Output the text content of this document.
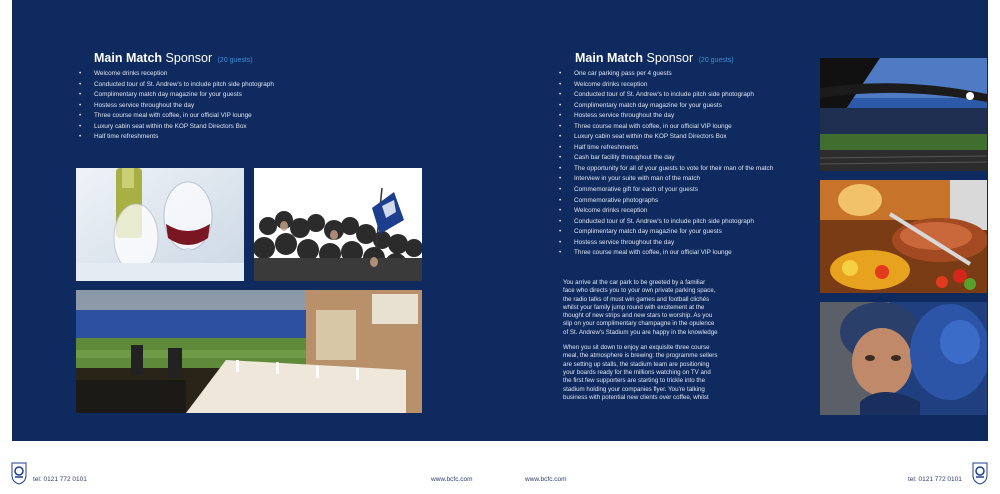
Main Match Sponsor (20 guests)
• Welcome drinks reception
• Conducted tour of St. Andrew's to include pitch side photograph
• Complimentary match day magazine for your guests
• Hostess service throughout the day
• Three course meal with coffee, in our official VIP lounge
• Luxury cabin seat within the KOP Stand Directors Box
• Half time refreshments
Main Match Sponsor (20 guests)
• One car parking pass per 4 guests
• Welcome drinks reception
• Conducted tour of St. Andrew's to include pitch side photograph
• Complimentary match day magazine for your guests
• Hostess service throughout the day
• Three course meal with coffee, in our official VIP lounge
• Luxury cabin seat within the KOP Stand Directors Box
• Half time refreshments
• Cash bar facility throughout the day
• The opportunity for all of your guests to vote for their man of the match
• Interview in your suite with man of the match
• Commemorative gift for each of your guests
• Commemorative photographs
• Welcome drinks reception
• Conducted tour of St. Andrew's to include pitch side photograph
• Complimentary match day magazine for your guests
• Hostess service throughout the day
• Three course meal with coffee, in our official VIP lounge

You arrive at the car park to be greeted by a familiar

face who directs you to your own private parking space,

the radio talks of must win games and football clichés

whilst your family jump round with excitement at the

thought of new strips and new stars to worship. As you

slip on your complimentary champagne in the opulence

of St. Andrew's Stadium you are happy in the knowledge

When you sit down to enjoy an exquisite three course

meal, the atmosphere is brewing: the programme sellers

are setting up stalls, the stadium team are positioning

your boards ready for the millions watching on TV and

the first few supporters are starting to trickle into the

stadium holding your companies flyer. You're talking

business with potential new clients over coffee, whilst

tel: 0121 772 0101	www.bcfc.com	www.bcfc.com	tel: 0121 772 0101
